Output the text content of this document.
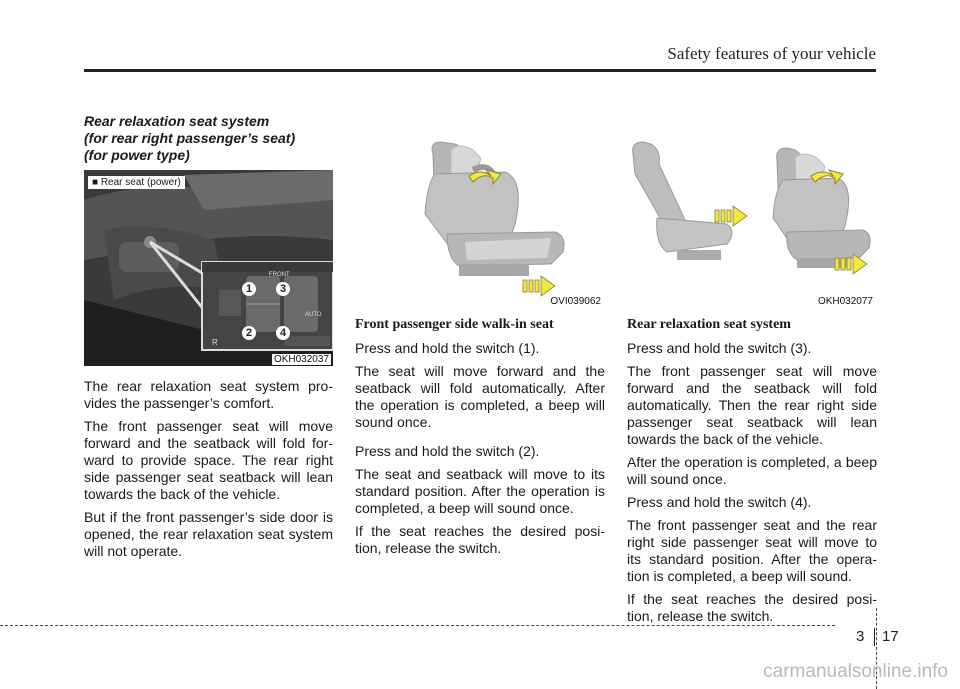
Safety features of your vehicle

Rear relaxation seat system

(for rear right passenger’s seat)

(for power type)

■ Rear seat (power)
FRONT
AUTO
R
1
2
3
4
OKH032037

The rear relaxation seat system pro- vides the passenger’s comfort.

The front passenger seat will move forward and the seatback will fold for- ward to provide space. The rear right side passenger seat seatback will lean towards the back of the vehicle.

But if the front passenger’s side door is opened, the rear relaxation seat system will not operate.

OVI039062

Front passenger side walk-in seat

Press and hold the switch (1).

The seat will move forward and the seatback will fold automatically. After the operation is completed, a beep will sound once.

Press and hold the switch (2).

The seat and seatback will move to its standard position. After the operation is completed, a beep will sound once.

If the seat reaches the desired posi- tion, release the switch.

OKH032077

Rear relaxation seat system

Press and hold the switch (3).

The front passenger seat will move forward and the seatback will fold automatically. Then the rear right side passenger seat seatback will lean towards the back of the vehicle.

After the operation is completed, a beep will sound once.

Press and hold the switch (4).

The front passenger seat and the rear right side passenger seat will move to its standard position. After the opera- tion is completed, a beep will sound.

If the seat reaches the desired posi- tion, release the switch.

3 17
carmanualsonline.info
